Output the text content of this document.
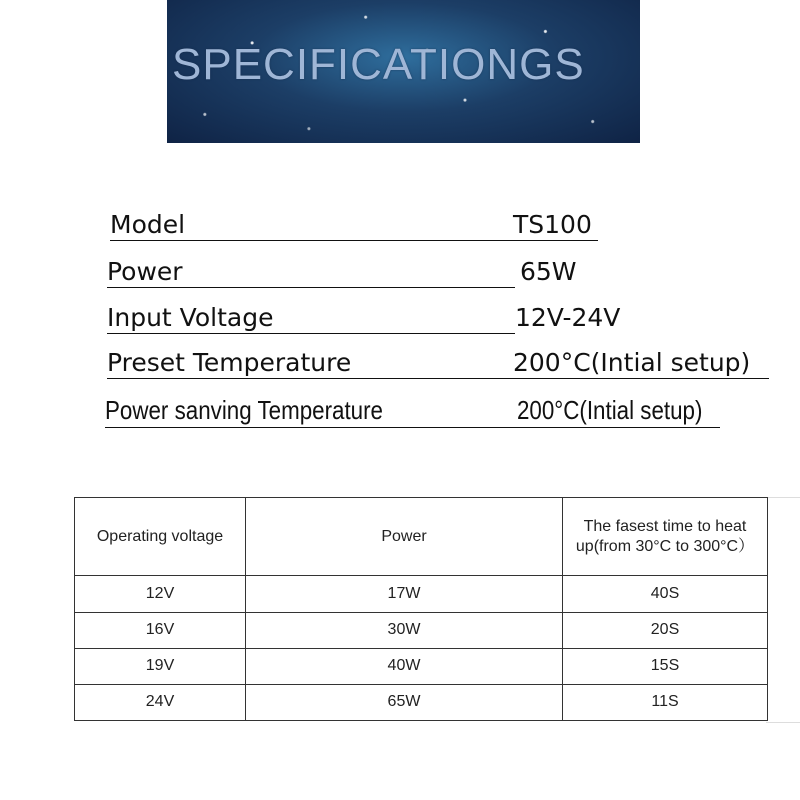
SPECIFICATIONGS
Model	TS100
Power	65W
Input Voltage	12V-24V
Preset Temperature	200°C(Intial setup)
Power sanving Temperature	200°C(Intial setup)
Operating voltage	Power	The fasest time to heat up(from 30°C to 300°C）
12V	17W	40S
16V	30W	20S
19V	40W	15S
24V	65W	11S
